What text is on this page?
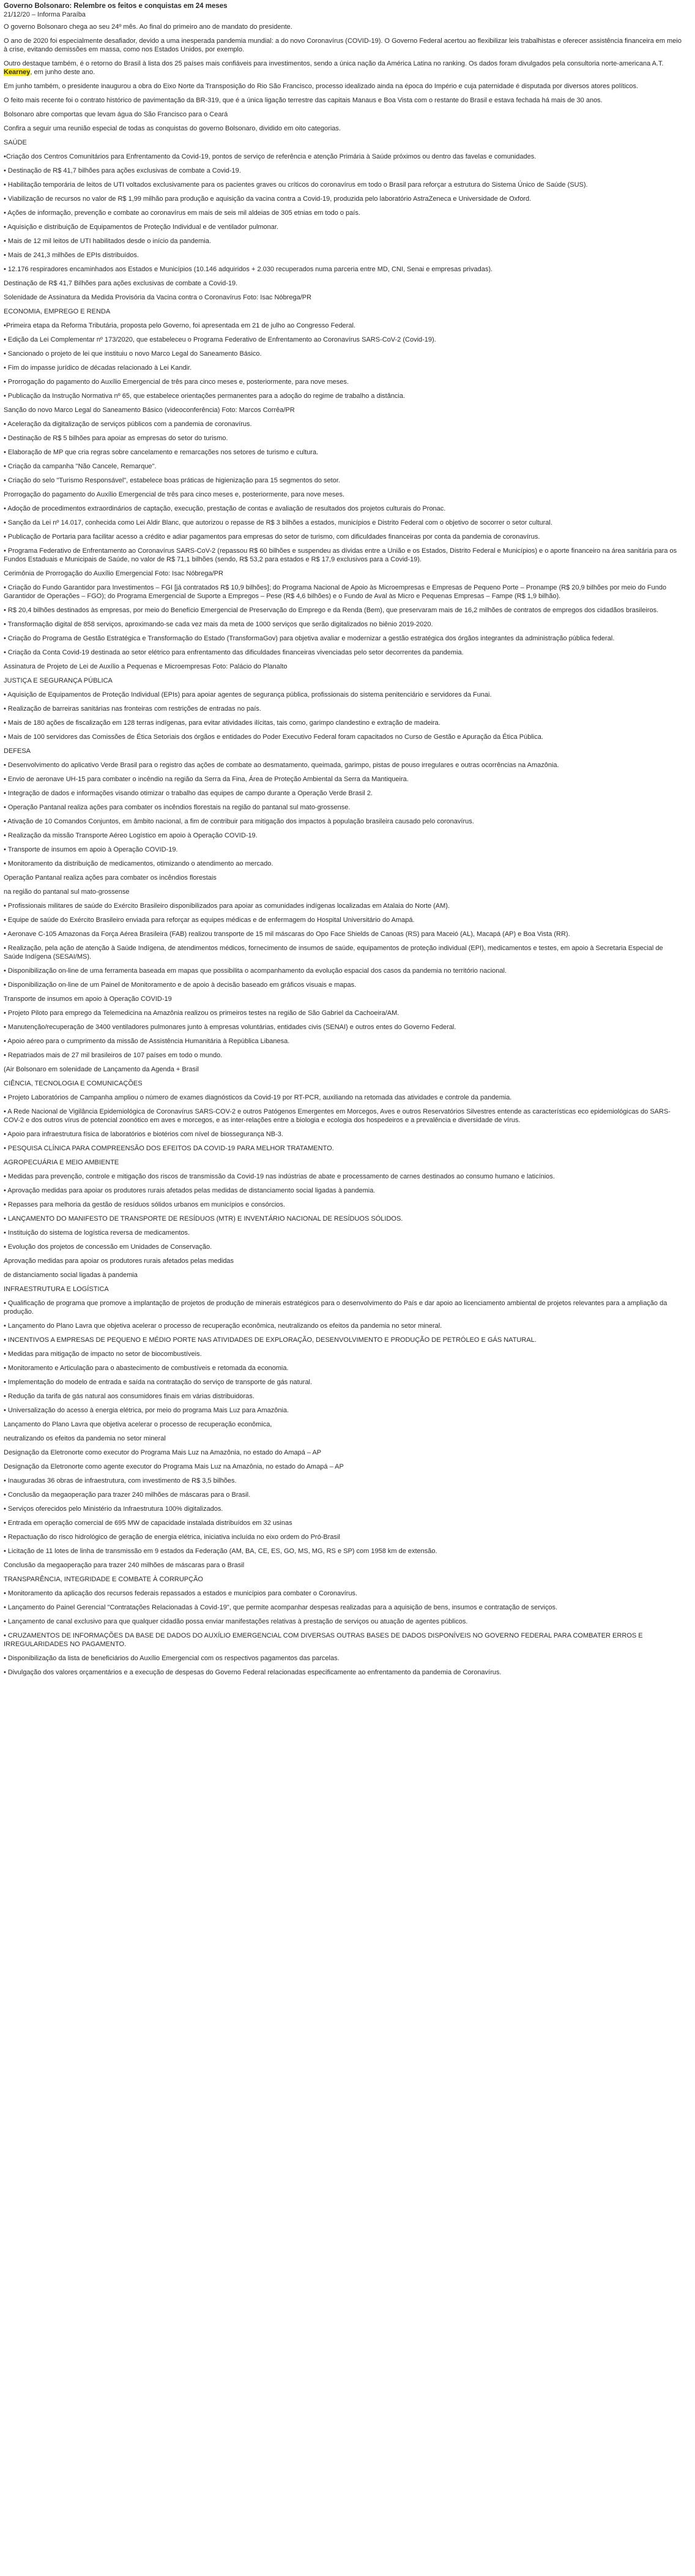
Governo Bolsonaro: Relembre os feitos e conquistas em 24 meses

21/12/20 – Informa Paraíba

O governo Bolsonaro chega ao seu 24º mês. Ao final do primeiro ano de mandato do presidente.

O ano de 2020 foi especialmente desafiador, devido a uma inesperada pandemia mundial: a do novo Coronavírus (COVID-19). O Governo Federal acertou ao flexibilizar leis trabalhistas e oferecer assistência financeira em meio à crise, evitando demissões em massa, como nos Estados Unidos, por exemplo.

Outro destaque também, é o retorno do Brasil à lista dos 25 países mais confiáveis para investimentos, sendo a única nação da América Latina no ranking. Os dados foram divulgados pela consultoria norte-americana A.T. Kearney, em junho deste ano.

Em junho também, o presidente inaugurou a obra do Eixo Norte da Transposição do Rio São Francisco, processo idealizado ainda na época do Império e cuja paternidade é disputada por diversos atores políticos.

O feito mais recente foi o contrato histórico de pavimentação da BR-319, que é a única ligação terrestre das capitais Manaus e Boa Vista com o restante do Brasil e estava fechada há mais de 30 anos.

Bolsonaro abre comportas que levam água do São Francisco para o Ceará

Confira a seguir uma reunião especial de todas as conquistas do governo Bolsonaro, dividido em oito categorias.

SAÚDE

•Criação dos Centros Comunitários para Enfrentamento da Covid-19, pontos de serviço de referência e atenção Primária à Saúde próximos ou dentro das favelas e comunidades.

• Destinação de R$ 41,7 bilhões para ações exclusivas de combate a Covid-19.

• Habilitação temporária de leitos de UTI voltados exclusivamente para os pacientes graves ou críticos do coronavírus em todo o Brasil para reforçar a estrutura do Sistema Único de Saúde (SUS).

• Viabilização de recursos no valor de R$ 1,99 milhão para produção e aquisição da vacina contra a Covid-19, produzida pelo laboratório AstraZeneca e Universidade de Oxford.

• Ações de informação, prevenção e combate ao coronavírus em mais de seis mil aldeias de 305 etnias em todo o país.

• Aquisição e distribuição de Equipamentos de Proteção Individual e de ventilador pulmonar.

• Mais de 12 mil leitos de UTI habilitados desde o início da pandemia.

• Mais de 241,3 milhões de EPIs distribuídos.

• 12.176 respiradores encaminhados aos Estados e Municípios (10.146 adquiridos + 2.030 recuperados numa parceria entre MD, CNI, Senai e empresas privadas).

Destinação de R$ 41,7 Bilhões para ações exclusivas de combate a Covid-19.

Solenidade de Assinatura da Medida Provisória da Vacina contra o Coronavírus Foto: Isac Nóbrega/PR

ECONOMIA, EMPREGO E RENDA

•Primeira etapa da Reforma Tributária, proposta pelo Governo, foi apresentada em 21 de julho ao Congresso Federal.

• Edição da Lei Complementar nº 173/2020, que estabeleceu o Programa Federativo de Enfrentamento ao Coronavírus SARS-CoV-2 (Covid-19).

• Sancionado o projeto de lei que instituiu o novo Marco Legal do Saneamento Básico.

• Fim do impasse jurídico de décadas relacionado à Lei Kandir.

• Prorrogação do pagamento do Auxílio Emergencial de três para cinco meses e, posteriormente, para nove meses.

• Publicação da Instrução Normativa nº 65, que estabelece orientações permanentes para a adoção do regime de trabalho a distância.

Sanção do novo Marco Legal do Saneamento Básico (videoconferência) Foto: Marcos Corrêa/PR

• Aceleração da digitalização de serviços públicos com a pandemia de coronavírus.

• Destinação de R$ 5 bilhões para apoiar as empresas do setor do turismo.

• Elaboração de MP que cria regras sobre cancelamento e remarcações nos setores de turismo e cultura.

• Criação da campanha "Não Cancele, Remarque".

• Criação do selo "Turismo Responsável", estabelece boas práticas de higienização para 15 segmentos do setor.

Prorrogação do pagamento do Auxílio Emergencial de três para cinco meses e, posteriormente, para nove meses.

• Adoção de procedimentos extraordinários de captação, execução, prestação de contas e avaliação de resultados dos projetos culturais do Pronac.

• Sanção da Lei nº 14.017, conhecida como Lei Aldir Blanc, que autorizou o repasse de R$ 3 bilhões a estados, municípios e Distrito Federal com o objetivo de socorrer o setor cultural.

• Publicação de Portaria para facilitar acesso a crédito e adiar pagamentos para empresas do setor de turismo, com dificuldades financeiras por conta da pandemia de coronavírus.

• Programa Federativo de Enfrentamento ao Coronavírus SARS-CoV-2 (repassou R$ 60 bilhões e suspendeu as dívidas entre a União e os Estados, Distrito Federal e Municípios) e o aporte financeiro na área sanitária para os Fundos Estaduais e Municipais de Saúde, no valor de R$ 71,1 bilhões (sendo, R$ 53,2 para estados e R$ 17,9 exclusivos para a Covid-19).

Cerimônia de Prorrogação do Auxílio Emergencial Foto: Isac Nóbrega/PR

• Criação do Fundo Garantidor para Investimentos – FGI [já contratados R$ 10,9 bilhões]; do Programa Nacional de Apoio às Microempresas e Empresas de Pequeno Porte – Pronampe (R$ 20,9 bilhões por meio do Fundo Garantidor de Operações – FGO); do Programa Emergencial de Suporte a Empregos – Pese (R$ 4,6 bilhões) e o Fundo de Aval às Micro e Pequenas Empresas – Fampe (R$ 1,9 bilhão).

• R$ 20,4 bilhões destinados às empresas, por meio do Benefício Emergencial de Preservação do Emprego e da Renda (Bem), que preservaram mais de 16,2 milhões de contratos de empregos dos cidadãos brasileiros.

• Transformação digital de 858 serviços, aproximando-se cada vez mais da meta de 1000 serviços que serão digitalizados no biênio 2019-2020.

• Criação do Programa de Gestão Estratégica e Transformação do Estado (TransformaGov) para objetiva avaliar e modernizar a gestão estratégica dos órgãos integrantes da administração pública federal.

• Criação da Conta Covid-19 destinada ao setor elétrico para enfrentamento das dificuldades financeiras vivenciadas pelo setor decorrentes da pandemia.

Assinatura de Projeto de Lei de Auxílio a Pequenas e Microempresas Foto: Palácio do Planalto

JUSTIÇA E SEGURANÇA PÚBLICA

• Aquisição de Equipamentos de Proteção Individual (EPIs) para apoiar agentes de segurança pública, profissionais do sistema penitenciário e servidores da Funai.

• Realização de barreiras sanitárias nas fronteiras com restrições de entradas no país.

• Mais de 180 ações de fiscalização em 128 terras indígenas, para evitar atividades ilícitas, tais como, garimpo clandestino e extração de madeira.

• Mais de 100 servidores das Comissões de Ética Setoriais dos órgãos e entidades do Poder Executivo Federal foram capacitados no Curso de Gestão e Apuração da Ética Pública.

DEFESA

• Desenvolvimento do aplicativo Verde Brasil para o registro das ações de combate ao desmatamento, queimada, garimpo, pistas de pouso irregulares e outras ocorrências na Amazônia.

• Envio de aeronave UH-15 para combater o incêndio na região da Serra da Fina, Área de Proteção Ambiental da Serra da Mantiqueira.

• Integração de dados e informações visando otimizar o trabalho das equipes de campo durante a Operação Verde Brasil 2.

• Operação Pantanal realiza ações para combater os incêndios florestais na região do pantanal sul mato-grossense.

• Ativação de 10 Comandos Conjuntos, em âmbito nacional, a fim de contribuir para mitigação dos impactos à população brasileira causado pelo coronavírus.

• Realização da missão Transporte Aéreo Logístico em apoio à Operação COVID-19.

• Transporte de insumos em apoio à Operação COVID-19.

• Monitoramento da distribuição de medicamentos, otimizando o atendimento ao mercado.

Operação Pantanal realiza ações para combater os incêndios florestais

na região do pantanal sul mato-grossense

• Profissionais militares de saúde do Exército Brasileiro disponibilizados para apoiar as comunidades indígenas localizadas em Atalaia do Norte (AM).

• Equipe de saúde do Exército Brasileiro enviada para reforçar as equipes médicas e de enfermagem do Hospital Universitário do Amapá.

• Aeronave C-105 Amazonas da Força Aérea Brasileira (FAB) realizou transporte de 15 mil máscaras do Opo Face Shields de Canoas (RS) para Maceió (AL), Macapá (AP) e Boa Vista (RR).

• Realização, pela ação de atenção à Saúde Indígena, de atendimentos médicos, fornecimento de insumos de saúde, equipamentos de proteção individual (EPI), medicamentos e testes, em apoio à Secretaria Especial de Saúde Indígena (SESAI/MS).

• Disponibilização on-line de uma ferramenta baseada em mapas que possibilita o acompanhamento da evolução espacial dos casos da pandemia no território nacional.

• Disponibilização on-line de um Painel de Monitoramento e de apoio à decisão baseado em gráficos visuais e mapas.

Transporte de insumos em apoio à Operação COVID-19

• Projeto Piloto para emprego da Telemedicina na Amazônia realizou os primeiros testes na região de São Gabriel da Cachoeira/AM.

• Manutenção/recuperação de 3400 ventiladores pulmonares junto à empresas voluntárias, entidades civis (SENAI) e outros entes do Governo Federal.

• Apoio aéreo para o cumprimento da missão de Assistência Humanitária à República Libanesa.

• Repatriados mais de 27 mil brasileiros de 107 países em todo o mundo.

(Air Bolsonaro em solenidade de Lançamento da Agenda + Brasil

CIÊNCIA, TECNOLOGIA E COMUNICAÇÕES

• Projeto Laboratórios de Campanha ampliou o número de exames diagnósticos da Covid-19 por RT-PCR, auxiliando na retomada das atividades e controle da pandemia.

• A Rede Nacional de Vigilância Epidemiológica de Coronavírus SARS-COV-2 e outros Patógenos Emergentes em Morcegos, Aves e outros Reservatórios Silvestres entende as características eco epidemiológicas do SARS-COV-2 e dos outros vírus de potencial zoonótico em aves e morcegos, e as inter-relações entre a biologia e ecologia dos hospedeiros e a prevalência e diversidade de vírus.

• Apoio para infraestrutura física de laboratórios e biotérios com nível de biossegurança NB-3.

• PESQUISA CLÍNICA PARA COMPREENSÃO DOS EFEITOS DA COVID-19 PARA MELHOR TRATAMENTO.

AGROPECUÁRIA E MEIO AMBIENTE

• Medidas para prevenção, controle e mitigação dos riscos de transmissão da Covid-19 nas indústrias de abate e processamento de carnes destinados ao consumo humano e laticínios.

• Aprovação medidas para apoiar os produtores rurais afetados pelas medidas de distanciamento social ligadas à pandemia.

• Repasses para melhoria da gestão de resíduos sólidos urbanos em municípios e consórcios.

• LANÇAMENTO DO MANIFESTO DE TRANSPORTE DE RESÍDUOS (MTR) E INVENTÁRIO NACIONAL DE RESÍDUOS SÓLIDOS.

• Instituição do sistema de logística reversa de medicamentos.

• Evolução dos projetos de concessão em Unidades de Conservação.

Aprovação medidas para apoiar os produtores rurais afetados pelas medidas

de distanciamento social ligadas à pandemia

INFRAESTRUTURA E LOGÍSTICA

• Qualificação de programa que promove a implantação de projetos de produção de minerais estratégicos para o desenvolvimento do País e dar apoio ao licenciamento ambiental de projetos relevantes para a ampliação da produção.

• Lançamento do Plano Lavra que objetiva acelerar o processo de recuperação econômica, neutralizando os efeitos da pandemia no setor mineral.

• INCENTIVOS A EMPRESAS DE PEQUENO E MÉDIO PORTE NAS ATIVIDADES DE EXPLORAÇÃO, DESENVOLVIMENTO E PRODUÇÃO DE PETRÓLEO E GÁS NATURAL.

• Medidas para mitigação de impacto no setor de biocombustíveis.

• Monitoramento e Articulação para o abastecimento de combustíveis e retomada da economia.

• Implementação do modelo de entrada e saída na contratação do serviço de transporte de gás natural.

• Redução da tarifa de gás natural aos consumidores finais em várias distribuidoras.

• Universalização do acesso à energia elétrica, por meio do programa Mais Luz para Amazônia.

Lançamento do Plano Lavra que objetiva acelerar o processo de recuperação econômica,

neutralizando os efeitos da pandemia no setor mineral

Designação da Eletronorte como executor do Programa Mais Luz na Amazônia, no estado do Amapá – AP

Designação da Eletronorte como agente executor do Programa Mais Luz na Amazônia, no estado do Amapá – AP

• Inauguradas 36 obras de infraestrutura, com investimento de R$ 3,5 bilhões.

• Conclusão da megaoperação para trazer 240 milhões de máscaras para o Brasil.

• Serviços oferecidos pelo Ministério da Infraestrutura 100% digitalizados.

• Entrada em operação comercial de 695 MW de capacidade instalada distribuídos em 32 usinas

• Repactuação do risco hidrológico de geração de energia elétrica, iniciativa incluída no eixo ordem do Pró-Brasil

• Licitação de 11 lotes de linha de transmissão em 9 estados da Federação (AM, BA, CE, ES, GO, MS, MG, RS e SP) com 1958 km de extensão.

Conclusão da megaoperação para trazer 240 milhões de máscaras para o Brasil

TRANSPARÊNCIA, INTEGRIDADE E COMBATE À CORRUPÇÃO

• Monitoramento da aplicação dos recursos federais repassados a estados e municípios para combater o Coronavírus.

• Lançamento do Painel Gerencial "Contratações Relacionadas à Covid-19", que permite acompanhar despesas realizadas para a aquisição de bens, insumos e contratação de serviços.

• Lançamento de canal exclusivo para que qualquer cidadão possa enviar manifestações relativas à prestação de serviços ou atuação de agentes públicos.

• CRUZAMENTOS DE INFORMAÇÕES DA BASE DE DADOS DO AUXÍLIO EMERGENCIAL COM DIVERSAS OUTRAS BASES DE DADOS DISPONÍVEIS NO GOVERNO FEDERAL PARA COMBATER ERROS E IRREGULARIDADES NO PAGAMENTO.

• Disponibilização da lista de beneficiários do Auxílio Emergencial com os respectivos pagamentos das parcelas.

• Divulgação dos valores orçamentários e a execução de despesas do Governo Federal relacionadas especificamente ao enfrentamento da pandemia de Coronavírus.
